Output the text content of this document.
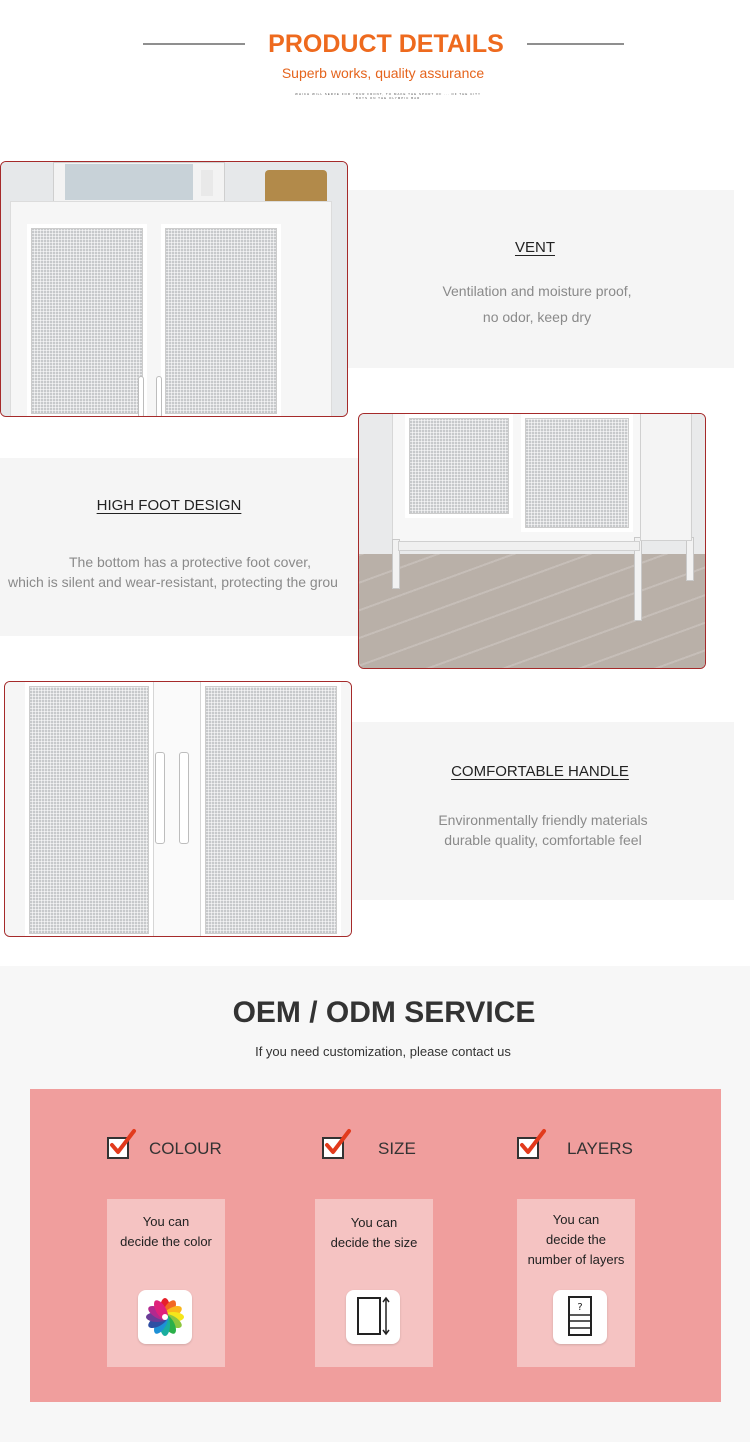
PRODUCT DETAILS
Superb works, quality assurance
WHICH WILL SERVE FOR YOUR FRONT, TO MAKE THE SPORT OF ... OF THE CITY BOYS ON THE OLYMPIC BAR
VENT
Ventilation and moisture proof,
no odor, keep dry
HIGH FOOT DESIGN
The bottom has a protective foot cover,
which is silent and wear-resistant, protecting the grou
COMFORTABLE HANDLE
Environmentally friendly materials
durable quality, comfortable feel
OEM / ODM SERVICE
If you need customization, please contact us
COLOUR
You can
decide the color
SIZE
You can
decide the size
LAYERS
You can
decide the
number of layers
?
